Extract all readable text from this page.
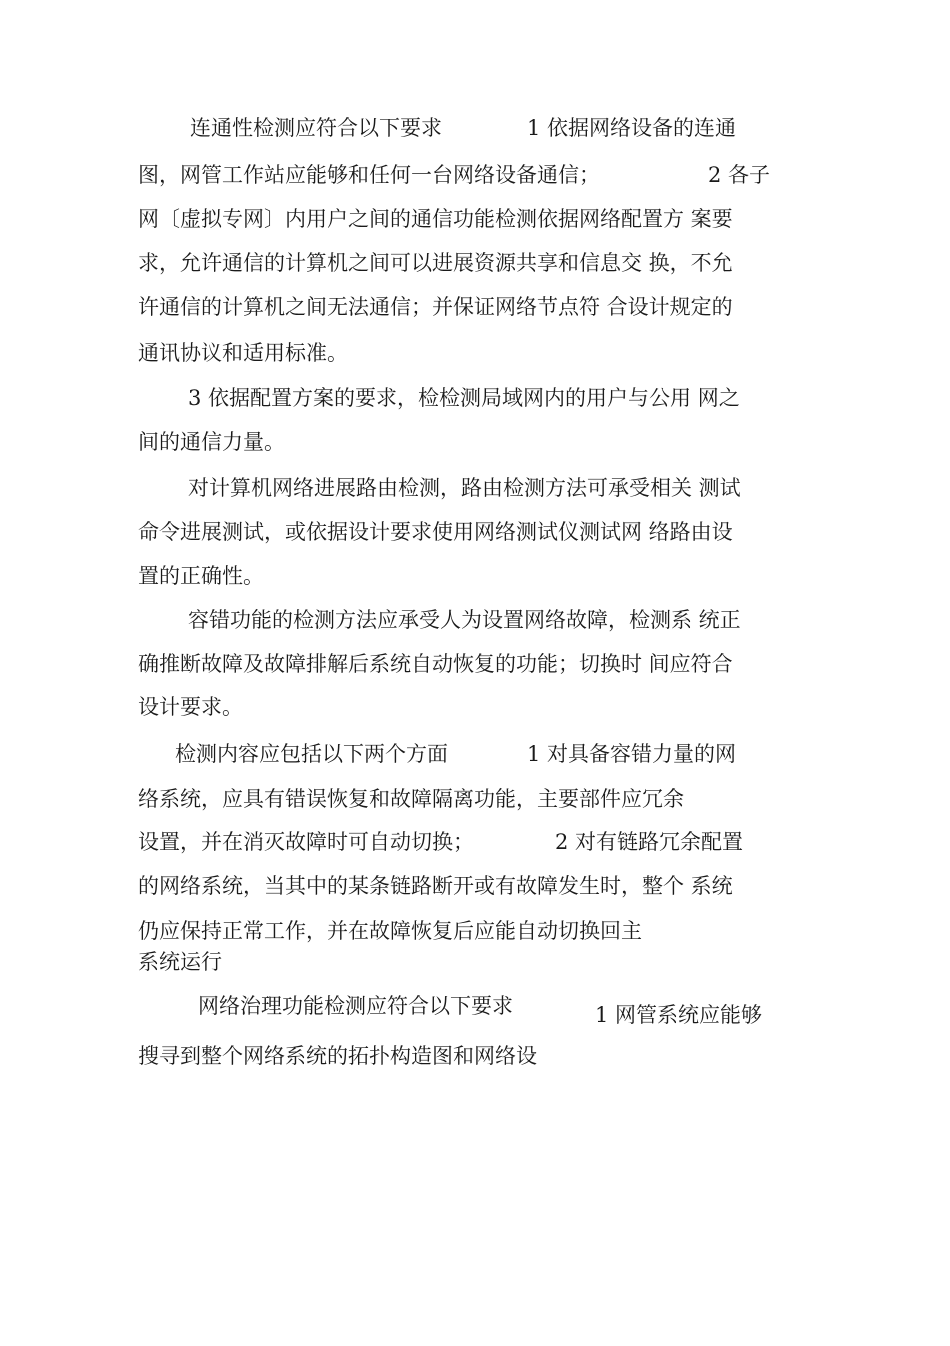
连通性检测应符合以下要求	1 依据网络设备的连通
图，网管工作站应能够和任何一台网络设备通信；	2 各子
网〔虚拟专网〕内用户之间的通信功能检测依据网络配置方 案要
求，允许通信的计算机之间可以进展资源共享和信息交 换，不允
许通信的计算机之间无法通信；并保证网络节点符 合设计规定的
通讯协议和适用标准。
3 依据配置方案的要求，检检测局域网内的用户与公用 网之
间的通信力量。
对计算机网络进展路由检测，路由检测方法可承受相关 测试
命令进展测试，或依据设计要求使用网络测试仪测试网 络路由设
置的正确性。
容错功能的检测方法应承受人为设置网络故障，检测系 统正
确推断故障及故障排解后系统自动恢复的功能；切换时 间应符合
设计要求。
检测内容应包括以下两个方面	1 对具备容错力量的网
络系统，应具有错误恢复和故障隔离功能，主要部件应冗余
设置，并在消灭故障时可自动切换；	2 对有链路冗余配置
的网络系统，当其中的某条链路断开或有故障发生时，整个 系统
仍应保持正常工作，并在故障恢复后应能自动切换回主
系统运行
网络治理功能检测应符合以下要求	1 网管系统应能够
搜寻到整个网络系统的拓扑构造图和网络设
